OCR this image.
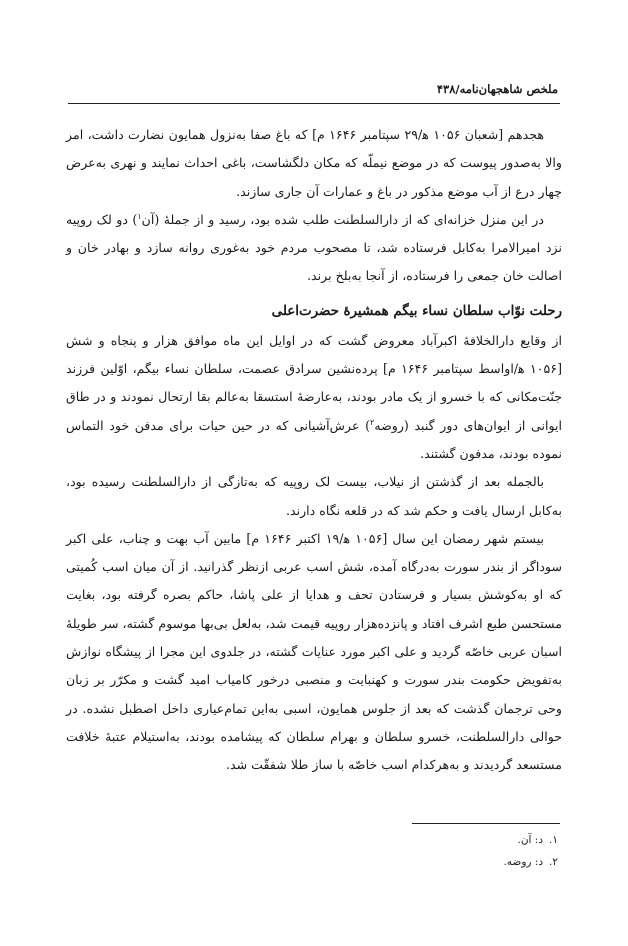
ملخص شاهجهان‌نامه/۴۳۸

هجدهم [شعبان ۱۰۵۶ ه‍/۲۹ سپتامبر ۱۶۴۶ م] که باغ صفا به‌نزول همایون نضارت داشت، امر والا به‌صدور پیوست که در موضع نیملّه که مکان دلگشاست، باغی احداث نمایند و نهری به‌عرض چهار درع از آب موضع مذکور در باغ و عمارات آن جاری سازند.

در این منزل خزانه‌ای که از دارالسلطنت طلب شده بود، رسید و از جملهٔ (آن$^۱$) دو لک روپیه نزد امیرالامرا به‌کابل فرستاده شد، تا مصحوب مردم خود به‌غوری روانه سازد و بهادر خان و اصالت خان جمعی را فرستاده، از آنجا به‌بلخ برند.

رحلت نوّاب سلطان نساء بیگم همشیرهٔ حضرت‌اعلی

از وقایع دارالخلافهٔ اکبرآباد معروض گشت که در اوایل این ماه موافق هزار و پنجاه و شش [۱۰۵۶ ه‍/اواسط سپتامبر ۱۶۴۶ م] پرده‌نشین سرادق عصمت، سلطان نساء بیگم، اوّلین فرزند جنّت‌مکانی که با خسرو از یک مادر بودند، به‌عارضهٔ استسقا به‌عالم بقا ارتحال نمودند و در طاق ایوانی از ایوان‌های دور گنبد (روضه$^۲$) عرش‌آشیانی که در حین حیات برای مدفن خود التماس نموده بودند، مدفون گشتند.

بالجمله بعد از گذشتن از نیلاب، بیست لک روپیه که به‌تازگی از دارالسلطنت رسیده بود، به‌کابل ارسال یافت و حکم شد که در قلعه نگاه دارند.

بیستم شهر رمضان این سال [۱۰۵۶ ه‍/۱۹ اکتبر ۱۶۴۶ م] مابین آب بهت و چناب، علی اکبر سوداگر از بندر سورت به‌درگاه آمده، شش اسب عربی ازنظر گذرانید. از آن میان اسب کُمیتی که او به‌کوشش بسیار و فرستادن تحف و هدایا از علی پاشا، حاکم بصره گرفته بود، بغایت مستحسن طبع اشرف افتاد و پانزده‌هزار روپیه قیمت شد، به‌لعل بی‌بها موسوم گشته، سر طویلهٔ اسبان عربی خاصّه گردید و علی اکبر مورد عنایات گشته، در جلدوی این مجرا از پیشگاه نوازش به‌تفویض حکومت بندر سورت و کهنبایت و منصبی درخور کامیاب امید گشت و مکرّر بر زبان وحی ترجمان گذشت که بعد از جلوس همایون، اسبی به‌این تمام‌عیاری داخل اصطبل نشده. در حوالی دارالسلطنت، خسرو سلطان و بهرام سلطان که پیشامده بودند، به‌استیلام عتبهٔ خلافت مستسعد گردیدند و به‌هرکدام اسب خاصّه با ساز طلا شفقّت شد.

۱.
د: آن.
۲.
د: روضه.
